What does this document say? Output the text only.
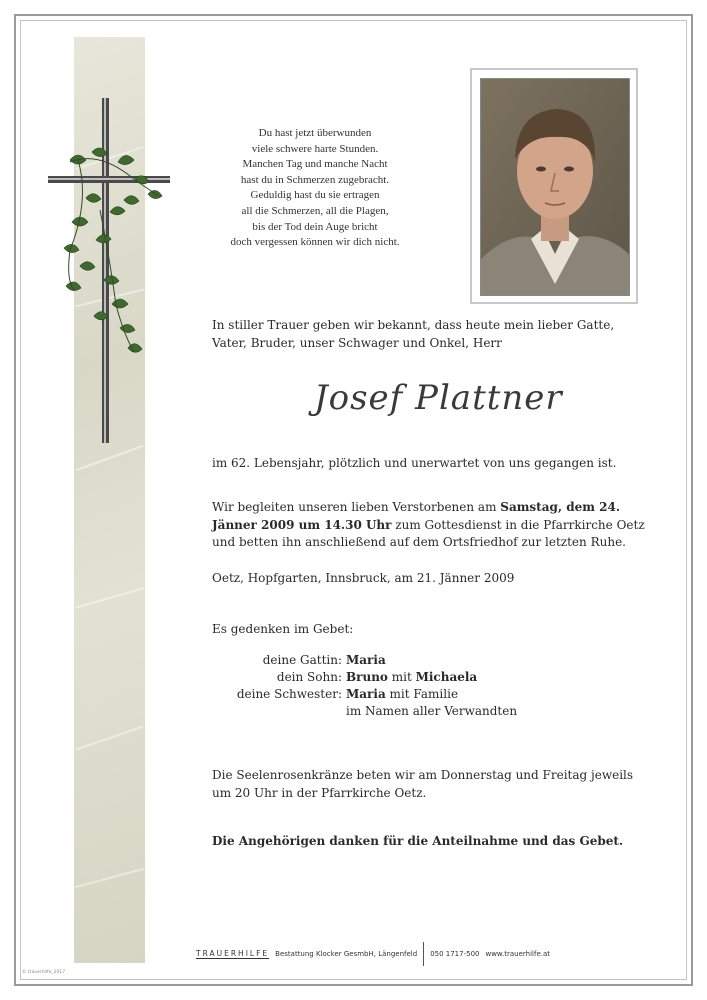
Du hast jetzt überwunden
viele schwere harte Stunden.
Manchen Tag und manche Nacht
hast du in Schmerzen zugebracht.
Geduldig hast du sie ertragen
all die Schmerzen, all die Plagen,
bis der Tod dein Auge bricht
doch vergessen können wir dich nicht.
In stiller Trauer geben wir bekannt, dass heute mein lieber Gatte, Vater, Bruder, unser Schwager und Onkel, Herr
Josef Plattner
im 62. Lebensjahr, plötzlich und unerwartet von uns gegangen ist.
Wir begleiten unseren lieben Verstorbenen am Samstag, dem 24. Jänner 2009 um 14.30 Uhr zum Gottesdienst in die Pfarrkirche Oetz und betten ihn anschließend auf dem Ortsfriedhof zur letzten Ruhe.
Oetz, Hopfgarten, Innsbruck, am 21. Jänner 2009
Es gedenken im Gebet:
deine Gattin: Maria
dein Sohn: Bruno mit Michaela
deine Schwester: Maria mit Familie
im Namen aller Verwandten
Die Seelenrosenkränze beten wir am Donnerstag und Freitag jeweils um 20 Uhr in der Pfarrkirche Oetz.
Die Angehörigen danken für die Anteilnahme und das Gebet.
TRAUERHILFE Bestattung Klocker GesmbH, Längenfeld 050 1717-500 www.trauerhilfe.at
© trauerhilfe_2017
